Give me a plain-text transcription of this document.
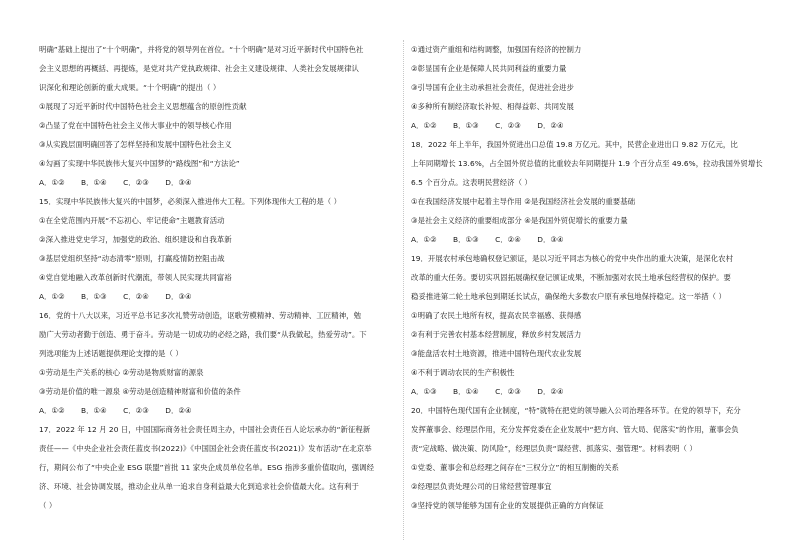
明确”基础上提出了“十个明确”，并将党的领导列在首位。“十个明确”是对习近平新时代中国特色社
会主义思想的再概括、再提炼，是党对共产党执政规律、社会主义建设规律、人类社会发展规律认
识深化和理论创新的重大成果。“十个明确”的提出（ ）
①展现了习近平新时代中国特色社会主义思想蕴含的原创性贡献
②凸显了党在中国特色社会主义伟大事业中的领导核心作用
③从实践层面明确回答了怎样坚持和发展中国特色社会主义
④勾画了实现中华民族伟大复兴中国梦的“路线图”和“方法论”
A．①② B．①④ C．②③ D．③④
15．实现中华民族伟大复兴的中国梦，必须深入推进伟大工程。下列体现伟大工程的是（ ）
①在全党范围内开展“不忘初心、牢记使命”主题教育活动
②深入推进党史学习，加强党的政治、组织建设和自我革新
③基层党组织坚持“动态清零”原则，打赢疫情防控阻击战
④党自觉地融入改革创新时代潮流，带领人民实现共同富裕
A．①② B．①③ C．②④ D．③④
16．党的十八大以来，习近平总书记多次礼赞劳动创造，讴歌劳模精神、劳动精神、工匠精神，勉
励广大劳动者勤于创造、勇于奋斗。劳动是一切成功的必经之路，我们要“从我做起，热爱劳动”。下
列选项能为上述话题提供理论支撑的是（ ）
①劳动是生产关系的核心 ②劳动是物质财富的源泉
③劳动是价值的唯一源泉 ④劳动是创造精神财富和价值的条件
A．①② B．①④ C．②③ D．②④
17．2022 年 12 月 20 日，中国国际商务社会责任周主办，中国社会责任百人论坛承办的“新征程新
责任——《中央企业社会责任蓝皮书(2022)》《中国国企社会责任蓝皮书(2021)》发布活动”在北京举
行，期间公布了“中央企业 ESG 联盟”首批 11 家央企成员单位名单。ESG 指涉多重价值取向，强调经
济、环境、社会协调发展，推动企业从单一追求自身利益最大化到追求社会价值最大化。这有利于
（ ）
①通过资产重组和结构调整，加强国有经济的控制力
②彰显国有企业是保障人民共同利益的重要力量
③引导国有企业主动承担社会责任，促进社会进步
④多种所有制经济取长补短、相得益彰、共同发展
A．①② B．①③ C．②③ D．②④
18．2022 年上半年，我国外贸进出口总值 19.8 万亿元。其中，民营企业进出口 9.82 万亿元，比
上年同期增长 13.6%，占全国外贸总值的比重较去年同期提升 1.9 个百分点至 49.6%，拉动我国外贸增长
6.5 个百分点。这表明民营经济（ ）
①在我国经济发展中起着主导作用 ②是我国经济社会发展的重要基础
③是社会主义经济的重要组成部分 ④是我国外贸促增长的重要力量
A．①② B．①③ C．②④ D．③④
19．开展农村承包地确权登记颁证，是以习近平同志为核心的党中央作出的重大决策，是深化农村
改革的重大任务。要切实巩固拓展确权登记颁证成果，不断加强对农民土地承包经营权的保护。要
稳妥推进第二轮土地承包到期延长试点，确保绝大多数农户原有承包地保持稳定。这一举措（ ）
①明确了农民土地所有权，提高农民幸福感、获得感
②有利于完善农村基本经营制度，释放乡村发展活力
③能盘活农村土地资源，推进中国特色现代农业发展
④不利于调动农民的生产积极性
A．①③ B．①④ C．②③ D．②④
20．中国特色现代国有企业制度，“特”就特在把党的领导融入公司治理各环节。在党的领导下，充分
发挥董事会、经理层作用，充分发挥党委在企业发展中“把方向、管大局、促落实”的作用，董事会负
责“定战略、做决策、防风险”，经理层负责“谋经营、抓落实、强管理”。材料表明（ ）
①党委、董事会和总经理之间存在“三权分立”的相互制衡的关系
②经理层负责处理公司的日常经营管理事宜
③坚持党的领导能够为国有企业的发展提供正确的方向保证
